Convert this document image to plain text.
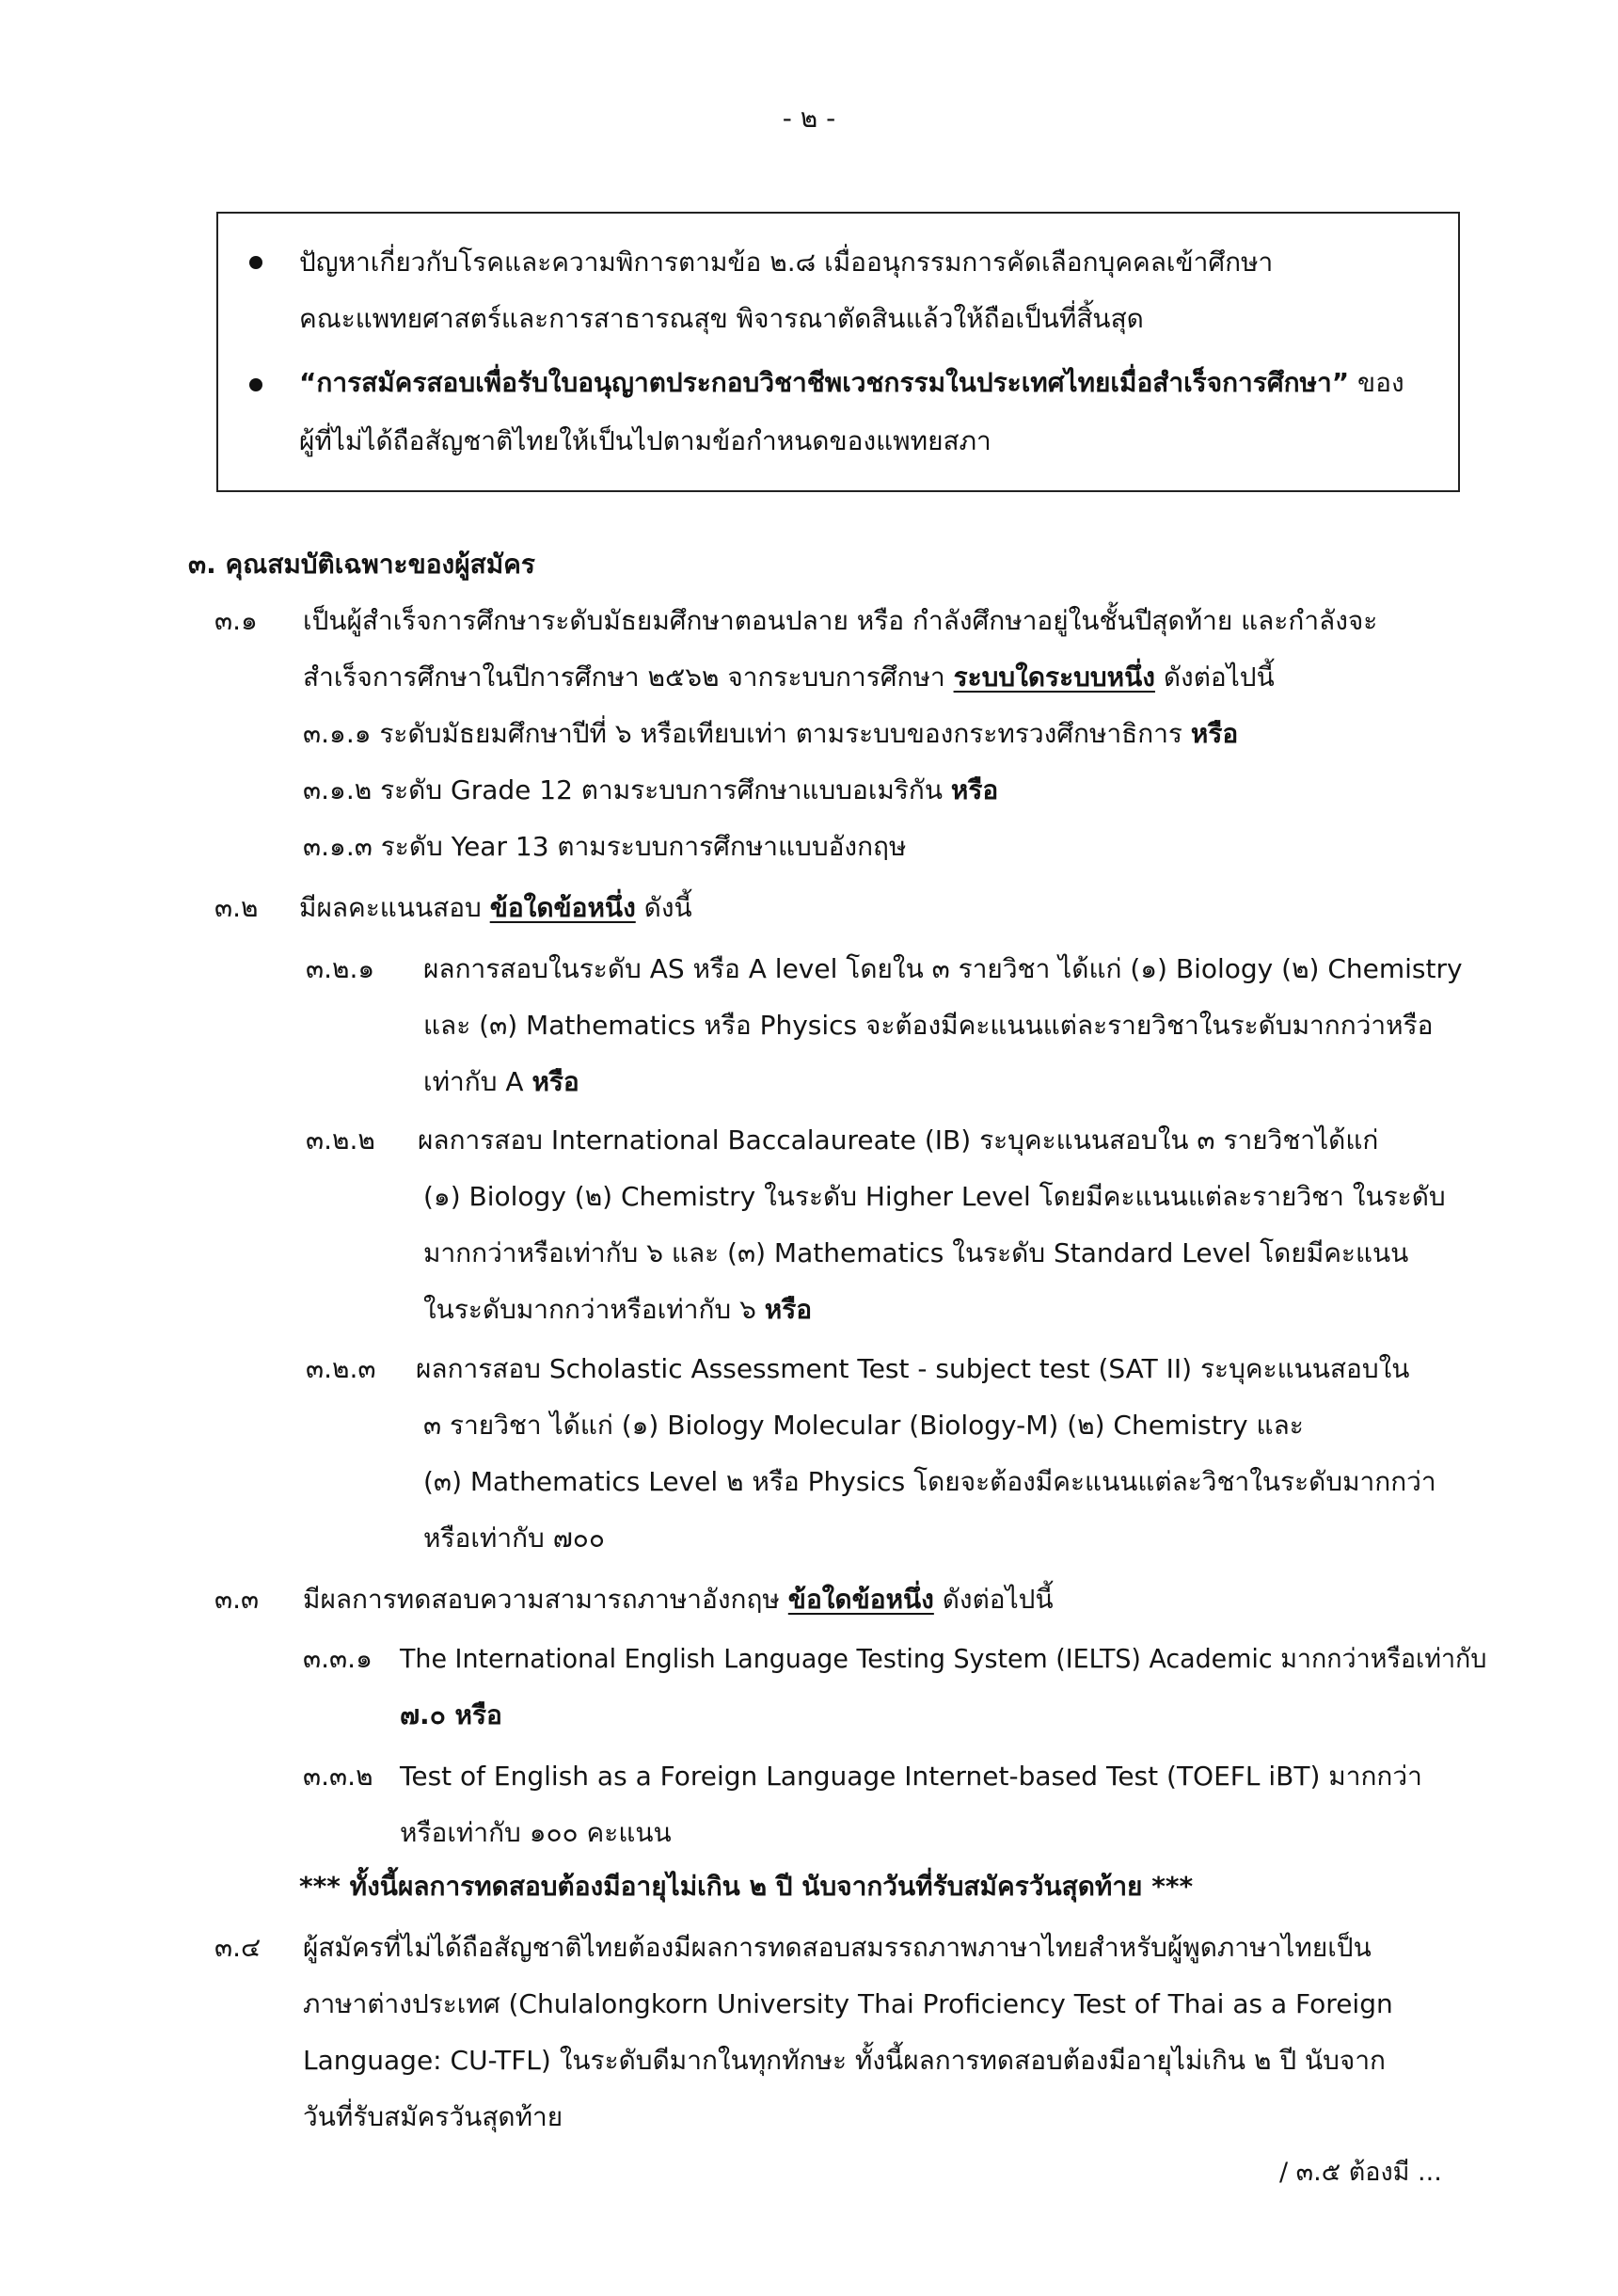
- ๒ -
ปัญหาเกี่ยวกับโรคและความพิการตามข้อ ๒.๘ เมื่ออนุกรรมการคัดเลือกบุคคลเข้าศึกษา
คณะแพทยศาสตร์และการสาธารณสุข พิจารณาตัดสินแล้วให้ถือเป็นที่สิ้นสุด
“การสมัครสอบเพื่อรับใบอนุญาตประกอบวิชาชีพเวชกรรมในประเทศไทยเมื่อสำเร็จการศึกษา” ของ
ผู้ที่ไม่ได้ถือสัญชาติไทยให้เป็นไปตามข้อกำหนดของแพทยสภา
๓. คุณสมบัติเฉพาะของผู้สมัคร
๓.๑ เป็นผู้สำเร็จการศึกษาระดับมัธยมศึกษาตอนปลาย หรือ กำลังศึกษาอยู่ในชั้นปีสุดท้าย และกำลังจะ
สำเร็จการศึกษาในปีการศึกษา ๒๕๖๒ จากระบบการศึกษา ระบบใดระบบหนึ่ง ดังต่อไปนี้
๓.๑.๑ ระดับมัธยมศึกษาปีที่ ๖ หรือเทียบเท่า ตามระบบของกระทรวงศึกษาธิการ หรือ
๓.๑.๒ ระดับ Grade 12 ตามระบบการศึกษาแบบอเมริกัน หรือ
๓.๑.๓ ระดับ Year 13 ตามระบบการศึกษาแบบอังกฤษ
๓.๒ มีผลคะแนนสอบ ข้อใดข้อหนึ่ง ดังนี้
๓.๒.๑ ผลการสอบในระดับ AS หรือ A level โดยใน ๓ รายวิชา ได้แก่ (๑) Biology (๒) Chemistry
และ (๓) Mathematics หรือ Physics จะต้องมีคะแนนแต่ละรายวิชาในระดับมากกว่าหรือ
เท่ากับ A หรือ
๓.๒.๒ ผลการสอบ International Baccalaureate (IB) ระบุคะแนนสอบใน ๓ รายวิชาได้แก่
(๑) Biology (๒) Chemistry ในระดับ Higher Level โดยมีคะแนนแต่ละรายวิชา ในระดับ
มากกว่าหรือเท่ากับ ๖ และ (๓) Mathematics ในระดับ Standard Level โดยมีคะแนน
ในระดับมากกว่าหรือเท่ากับ ๖ หรือ
๓.๒.๓ ผลการสอบ Scholastic Assessment Test - subject test (SAT II) ระบุคะแนนสอบใน
๓ รายวิชา ได้แก่ (๑) Biology Molecular (Biology-M) (๒) Chemistry และ
(๓) Mathematics Level ๒ หรือ Physics โดยจะต้องมีคะแนนแต่ละวิชาในระดับมากกว่า
หรือเท่ากับ ๗๐๐
๓.๓ มีผลการทดสอบความสามารถภาษาอังกฤษ ข้อใดข้อหนึ่ง ดังต่อไปนี้
๓.๓.๑ The International English Language Testing System (IELTS) Academic มากกว่าหรือเท่ากับ
๗.๐ หรือ
๓.๓.๒ Test of English as a Foreign Language Internet-based Test (TOEFL iBT) มากกว่า
หรือเท่ากับ ๑๐๐ คะแนน
*** ทั้งนี้ผลการทดสอบต้องมีอายุไม่เกิน ๒ ปี นับจากวันที่รับสมัครวันสุดท้าย ***
๓.๔ ผู้สมัครที่ไม่ได้ถือสัญชาติไทยต้องมีผลการทดสอบสมรรถภาพภาษาไทยสำหรับผู้พูดภาษาไทยเป็น
ภาษาต่างประเทศ (Chulalongkorn University Thai Proficiency Test of Thai as a Foreign
Language: CU-TFL) ในระดับดีมากในทุกทักษะ ทั้งนี้ผลการทดสอบต้องมีอายุไม่เกิน ๒ ปี นับจาก
วันที่รับสมัครวันสุดท้าย
/ ๓.๕ ต้องมี ...
